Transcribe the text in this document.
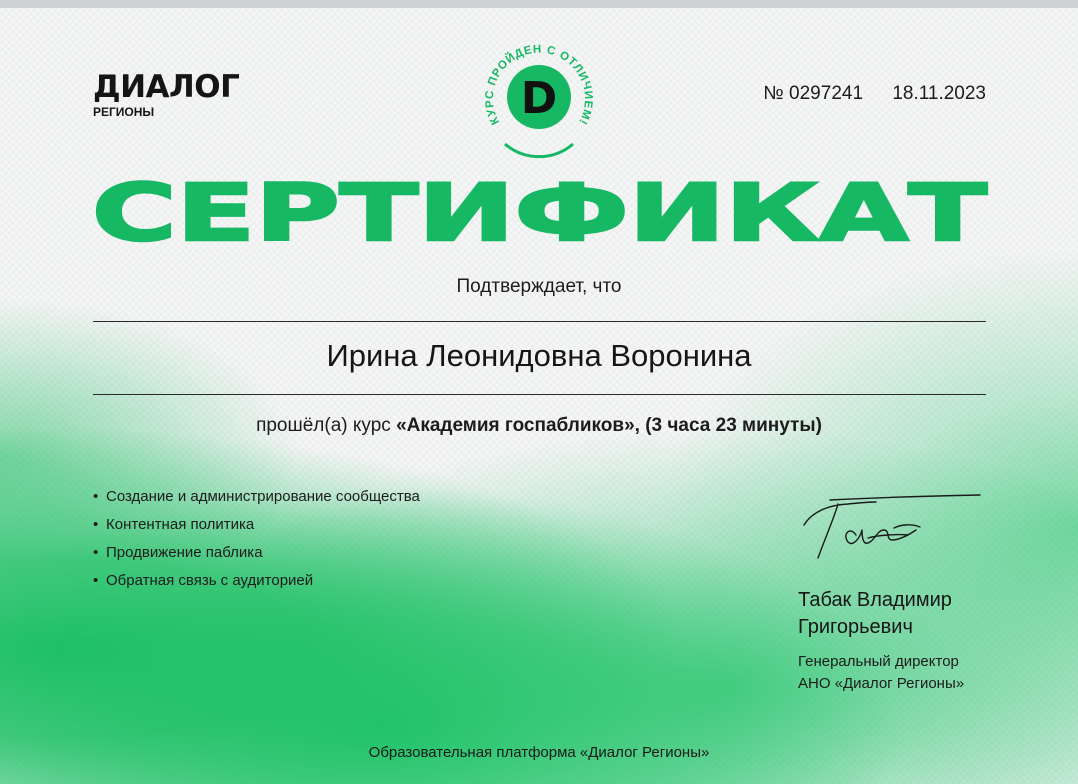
ДИАЛОГ
РЕГИОНЫ
КУРС ПРОЙДЕН С ОТЛИЧИЕМ!
D	№ 0297241 18.11.2023
СЕРТИФИКАТ
Подтверждает, что
Ирина Леонидовна Воронина
прошёл(а) курс «Академия госпабликов», (3 часа 23 минуты)
• Создание и администрирование сообщества
• Контентная политика
• Продвижение паблика
• Обратная связь с аудиторией
Табак Владимир
Григорьевич
Генеральный директор
АНО «Диалог Регионы»
Образовательная платформа «Диалог Регионы»
